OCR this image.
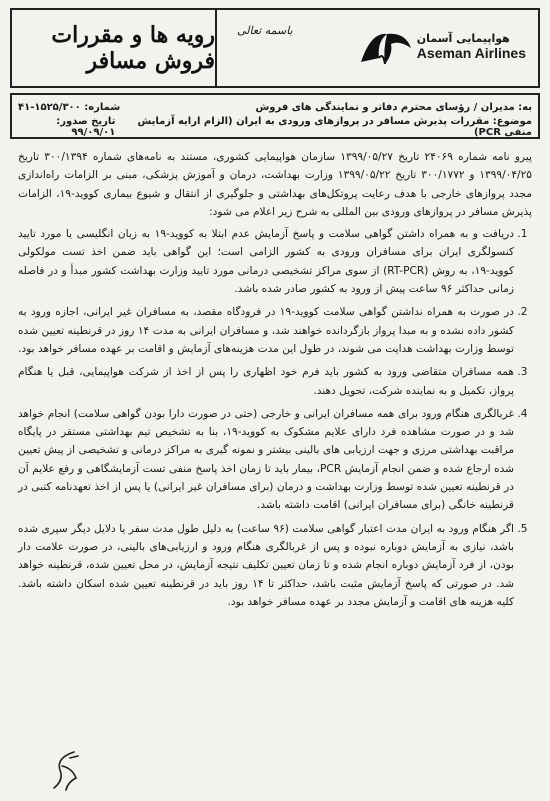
رویه ها و مقررات فروش مسافر
باسمه تعالی
هواپیمایی آسمان
Aseman Airlines
به: مدیران / رؤسای محترم دفاتر و نمایندگی های فروش
شماره: ۱۵۲۵/۳۰۰-۴۱
موضوع: مقررات پذیرش مسافر در پروازهای ورودی به ایران (الزام ارایه آزمایش منفی PCR)
تاریخ صدور: ۹۹/۰۹/۰۱

پیرو نامه شماره ۲۴۰۶۹ تاریخ ۱۳۹۹/۰۵/۲۷ سازمان هواپیمایی کشوری، مستند به نامه‌های شماره ۳۰۰/۱۳۹۴ تاریخ ۱۳۹۹/۰۴/۲۵ و ۳۰۰/۱۷۷۲ تاریخ ۱۳۹۹/۰۵/۲۲ وزارت بهداشت، درمان و آموزش پزشکی، مبنی بر الزامات راه‌اندازی مجدد پروازهای خارجی با هدف رعایت پروتکل‌های بهداشتی و جلوگیری از انتقال و شیوع بیماری کووید-۱۹، الزامات پذیرش مسافر در پروازهای ورودی بین المللی به شرح زیر اعلام می شود:

1. دریافت و به همراه داشتن گواهی سلامت و پاسخ آزمایش عدم ابتلا به کووید-۱۹ به زبان انگلیسی یا مورد تایید کنسولگری ایران برای مسافران ورودی به کشور الزامی است؛ این گواهی باید ضمن اخذ تست مولکولی کووید-۱۹، به روش (RT-PCR) از سوی مراکز تشخیصی درمانی مورد تایید وزارت بهداشت کشور مبدأ و در فاصله زمانی حداکثر ۹۶ ساعت پیش از ورود به کشور صادر شده باشد.
2. در صورت به همراه نداشتن گواهی سلامت کووید-۱۹ در فرودگاه مقصد، به مسافران غیر ایرانی، اجازه ورود به کشور داده نشده و به مبدا پرواز بازگردانده خواهند شد، و مسافران ایرانی به مدت ۱۴ روز در قرنطینه تعیین شده توسط وزارت بهداشت هدایت می شوند، در طول این مدت هزینه‌های آزمایش و اقامت بر عهده مسافر خواهد بود.
3. همه مسافران متقاضی ورود به کشور باید فرم خود اظهاری را پس از اخذ از شرکت هواپیمایی، قبل یا هنگام پرواز، تکمیل و به نماینده شرکت، تحویل دهند.
4. غربالگری هنگام ورود برای همه مسافران ایرانی و خارجی (حتی در صورت دارا بودن گواهی سلامت) انجام خواهد شد و در صورت مشاهده فرد دارای علایم مشکوک به کووید-۱۹، بنا به تشخیص تیم بهداشتی مستقر در پایگاه مراقبت بهداشتی مرزی و جهت ارزیابی های بالینی بیشتر و نمونه گیری به مراکز درمانی و تشخیصی از پیش تعیین شده ارجاع شده و ضمن انجام آزمایش PCR، بیمار باید تا زمان اخذ پاسخ منفی تست آزمایشگاهی و رفع علایم آن در قرنطینه تعیین شده توسط وزارت بهداشت و درمان (برای مسافران غیر ایرانی) یا پس از اخذ تعهدنامه کتبی در قرنطینه خانگی (برای مسافران ایرانی) اقامت داشته باشد.
5. اگر هنگام ورود به ایران مدت اعتبار گواهی سلامت (۹۶ ساعت) به دلیل طول مدت سفر یا دلایل دیگر سپری شده باشد، نیازی به آزمایش دوباره نبوده و پس از غربالگری هنگام ورود و ارزیابی‌های بالینی، در صورت علامت دار بودن، از فرد آزمایش دوباره انجام شده و تا زمان تعیین تکلیف نتیجه آزمایش، در محل تعیین شده، قرنطینه خواهد شد. در صورتی که پاسخ آزمایش مثبت باشد، حداکثر تا ۱۴ روز باید در قرنطینه تعیین شده اسکان داشته باشد. کلیه هزینه های اقامت و آزمایش مجدد بر عهده مسافر خواهد بود.
